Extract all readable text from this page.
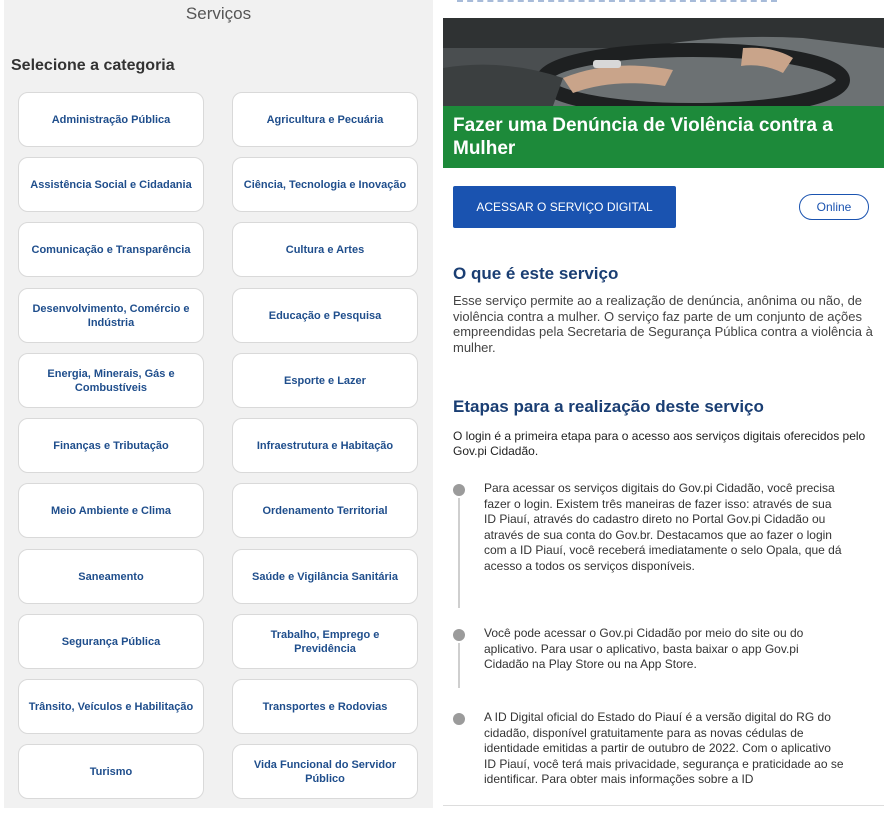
Serviços
Selecione a categoria
Administração Pública	Agricultura e Pecuária
Assistência Social e Cidadania	Ciência, Tecnologia e Inovação
Comunicação e Transparência	Cultura e Artes
Desenvolvimento, Comércio e Indústria
Educação e Pesquisa
Energia, Minerais, Gás e Combustíveis
Esporte e Lazer
Finanças e Tributação	Infraestrutura e Habitação
Meio Ambiente e Clima	Ordenamento Territorial
Saneamento	Saúde e Vigilância Sanitária
Segurança Pública
Trabalho, Emprego e Previdência
Trânsito, Veículos e Habilitação	Transportes e Rodovias
Turismo
Vida Funcional do Servidor Público
Fazer uma Denúncia de Violência contra a Mulher
ACESSAR O SERVIÇO DIGITAL	Online
O que é este serviço
Esse serviço permite ao a realização de denúncia, anônima ou não, de violência contra a mulher. O serviço faz parte de um conjunto de ações empreendidas pela Secretaria de Segurança Pública contra a violência à mulher.
Etapas para a realização deste serviço
O login é a primeira etapa para o acesso aos serviços digitais oferecidos pelo Gov.pi Cidadão.
Para acessar os serviços digitais do Gov.pi Cidadão, você precisa fazer o login. Existem três maneiras de fazer isso: através de sua ID Piauí, através do cadastro direto no Portal Gov.pi Cidadão ou através de sua conta do Gov.br. Destacamos que ao fazer o login com a ID Piauí, você receberá imediatamente o selo Opala, que dá acesso a todos os serviços disponíveis.
Você pode acessar o Gov.pi Cidadão por meio do site ou do aplicativo. Para usar o aplicativo, basta baixar o app Gov.pi Cidadão na Play Store ou na App Store.
A ID Digital oficial do Estado do Piauí é a versão digital do RG do cidadão, disponível gratuitamente para as novas cédulas de identidade emitidas a partir de outubro de 2022. Com o aplicativo ID Piauí, você terá mais privacidade, segurança e praticidade ao se identificar. Para obter mais informações sobre a ID
